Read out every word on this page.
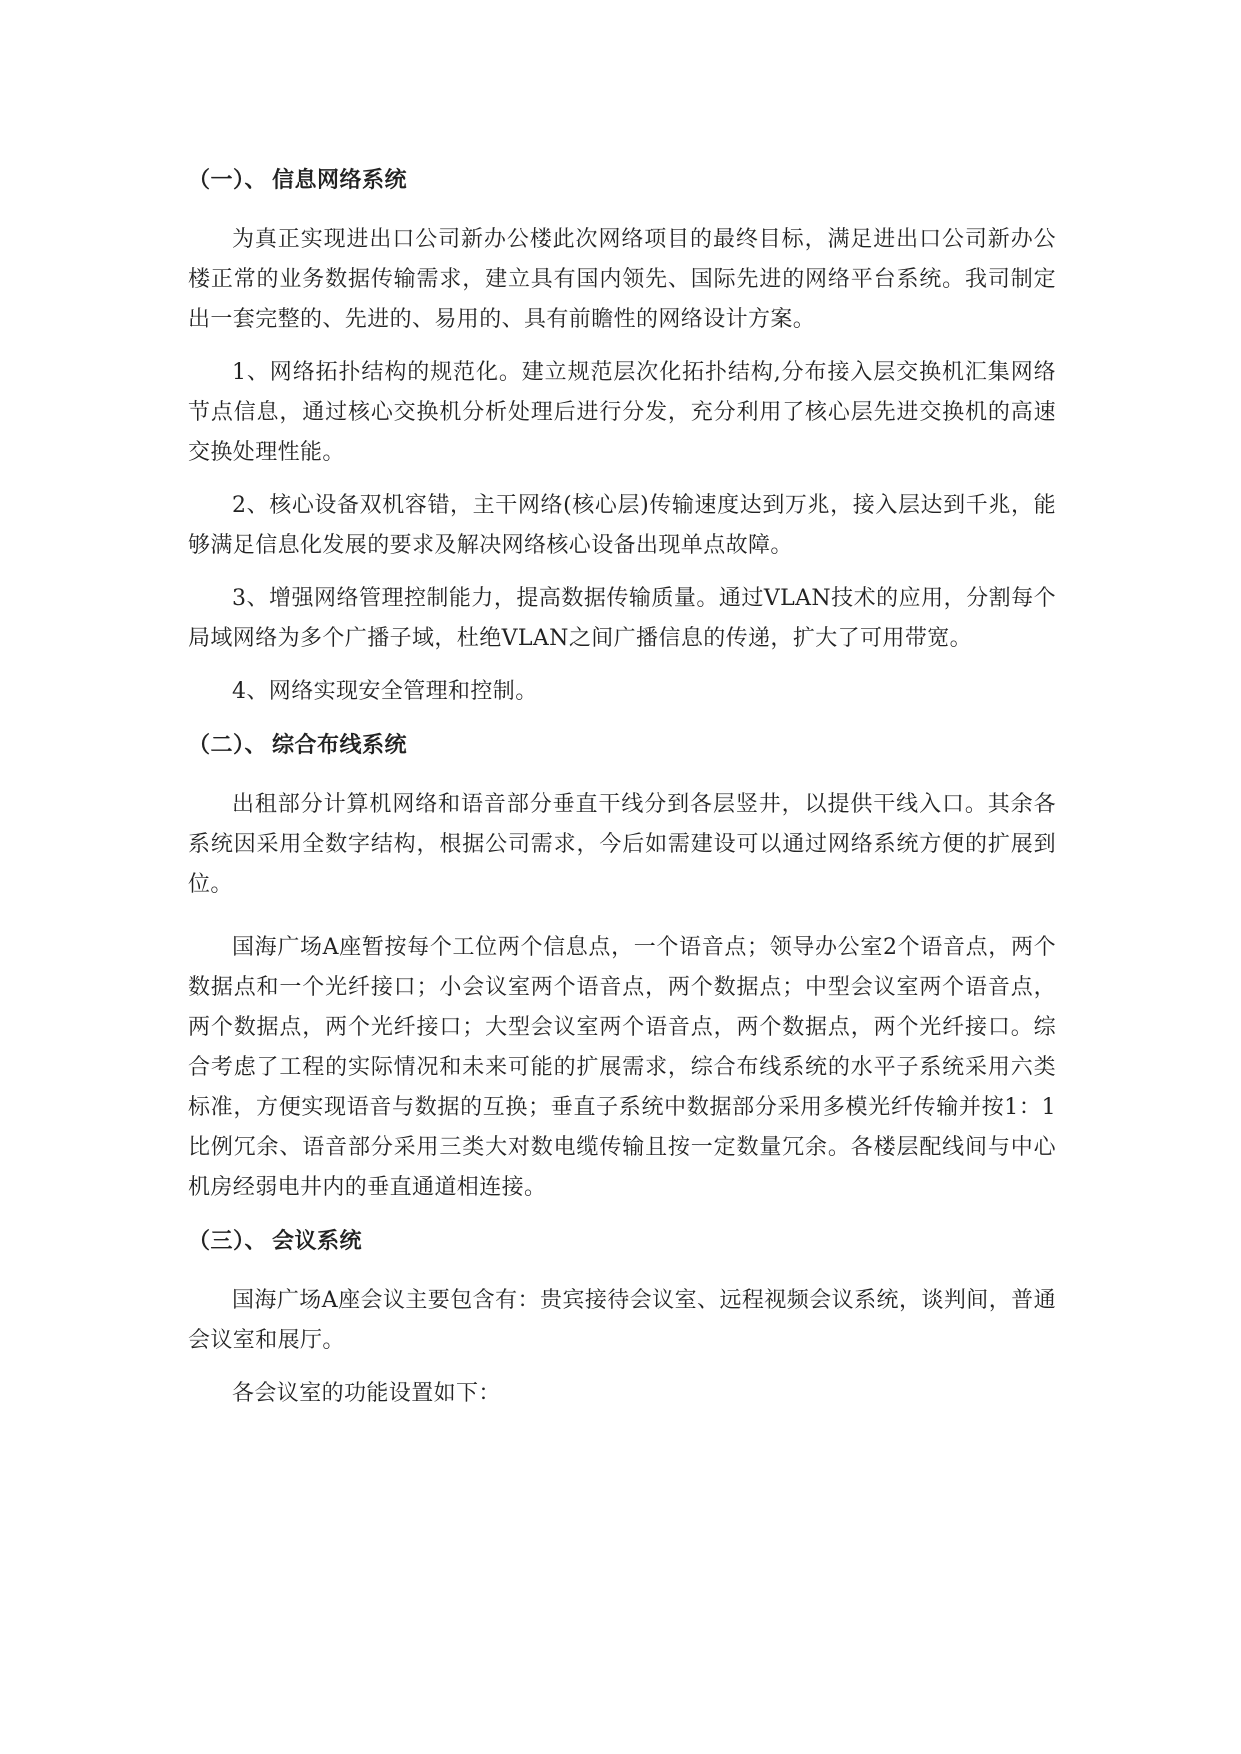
（一）、 信息网络系统

为真正实现进出口公司新办公楼此次网络项目的最终目标，满足进出口公司新办公楼正常的业务数据传输需求，建立具有国内领先、国际先进的网络平台系统。我司制定出一套完整的、先进的、易用的、具有前瞻性的网络设计方案。

1、网络拓扑结构的规范化。建立规范层次化拓扑结构,分布接入层交换机汇集网络节点信息，通过核心交换机分析处理后进行分发，充分利用了核心层先进交换机的高速交换处理性能。

2、核心设备双机容错，主干网络(核心层)传输速度达到万兆，接入层达到千兆，能够满足信息化发展的要求及解决网络核心设备出现单点故障。

3、增强网络管理控制能力，提高数据传输质量。通过VLAN技术的应用，分割每个局域网络为多个广播子域，杜绝VLAN之间广播信息的传递，扩大了可用带宽。

4、网络实现安全管理和控制。

（二）、 综合布线系统

出租部分计算机网络和语音部分垂直干线分到各层竖井，以提供干线入口。其余各系统因采用全数字结构，根据公司需求，今后如需建设可以通过网络系统方便的扩展到位。

国海广场A座暂按每个工位两个信息点，一个语音点；领导办公室2个语音点，两个数据点和一个光纤接口；小会议室两个语音点，两个数据点；中型会议室两个语音点，两个数据点，两个光纤接口；大型会议室两个语音点，两个数据点，两个光纤接口。综合考虑了工程的实际情况和未来可能的扩展需求，综合布线系统的水平子系统采用六类标准，方便实现语音与数据的互换；垂直子系统中数据部分采用多模光纤传输并按1：1比例冗余、语音部分采用三类大对数电缆传输且按一定数量冗余。各楼层配线间与中心机房经弱电井内的垂直通道相连接。

（三）、 会议系统

国海广场A座会议主要包含有：贵宾接待会议室、远程视频会议系统，谈判间，普通会议室和展厅。

各会议室的功能设置如下：
